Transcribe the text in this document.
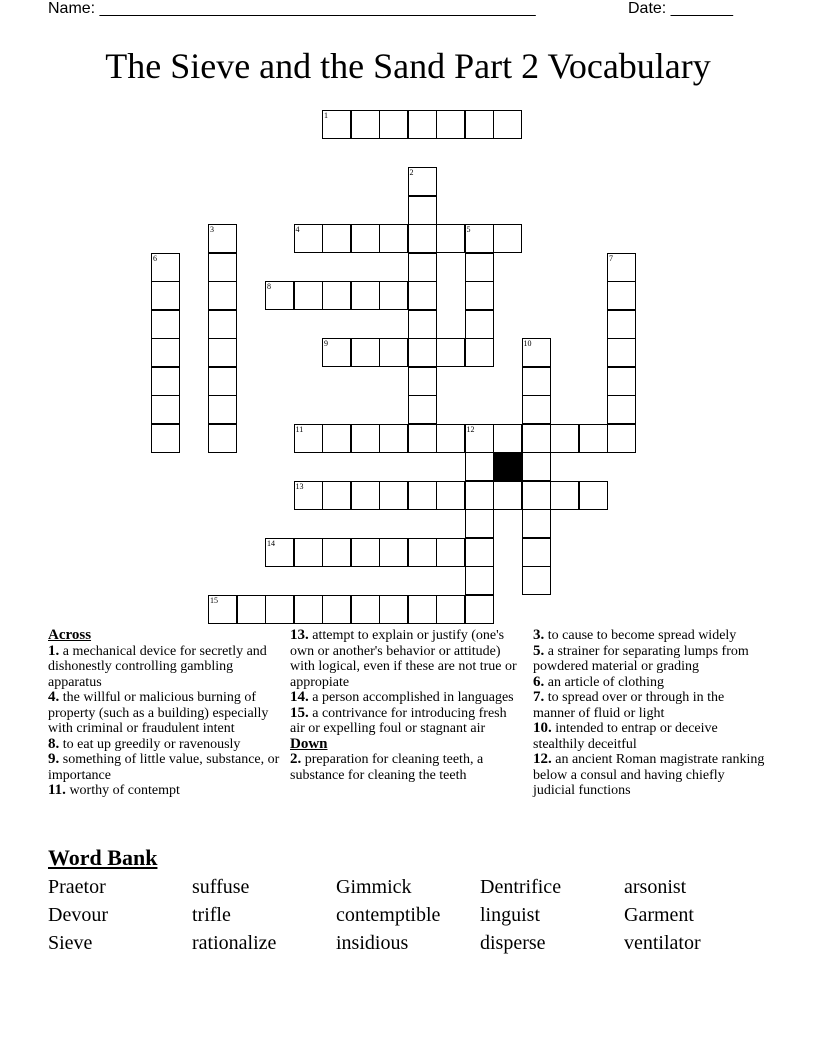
Name: _________________________________________________	Date: _______
The Sieve and the Sand Part 2 Vocabulary
1
2
3	4	5
6	7
8
9	10
11	12
13
14
15
Across
1. a mechanical device for secretly and dishonestly controlling gambling apparatus
4. the willful or malicious burning of property (such as a building) especially with criminal or fraudulent intent
8. to eat up greedily or ravenously
9. something of little value, substance, or importance
11. worthy of contempt
13. attempt to explain or justify (one's own or another's behavior or attitude) with logical, even if these are not true or appropiate
14. a person accomplished in languages
15. a contrivance for introducing fresh air or expelling foul or stagnant air
Down
2. preparation for cleaning teeth, a substance for cleaning the teeth
3. to cause to become spread widely
5. a strainer for separating lumps from powdered material or grading
6. an article of clothing
7. to spread over or through in the manner of fluid or light
10. intended to entrap or deceive stealthily deceitful
12. an ancient Roman magistrate ranking below a consul and having chiefly judicial functions
Word Bank
Praetor	suffuse	Gimmick	Dentrifice	arsonist
Devour	trifle	contemptible	linguist	Garment
Sieve	rationalize	insidious	disperse	ventilator
